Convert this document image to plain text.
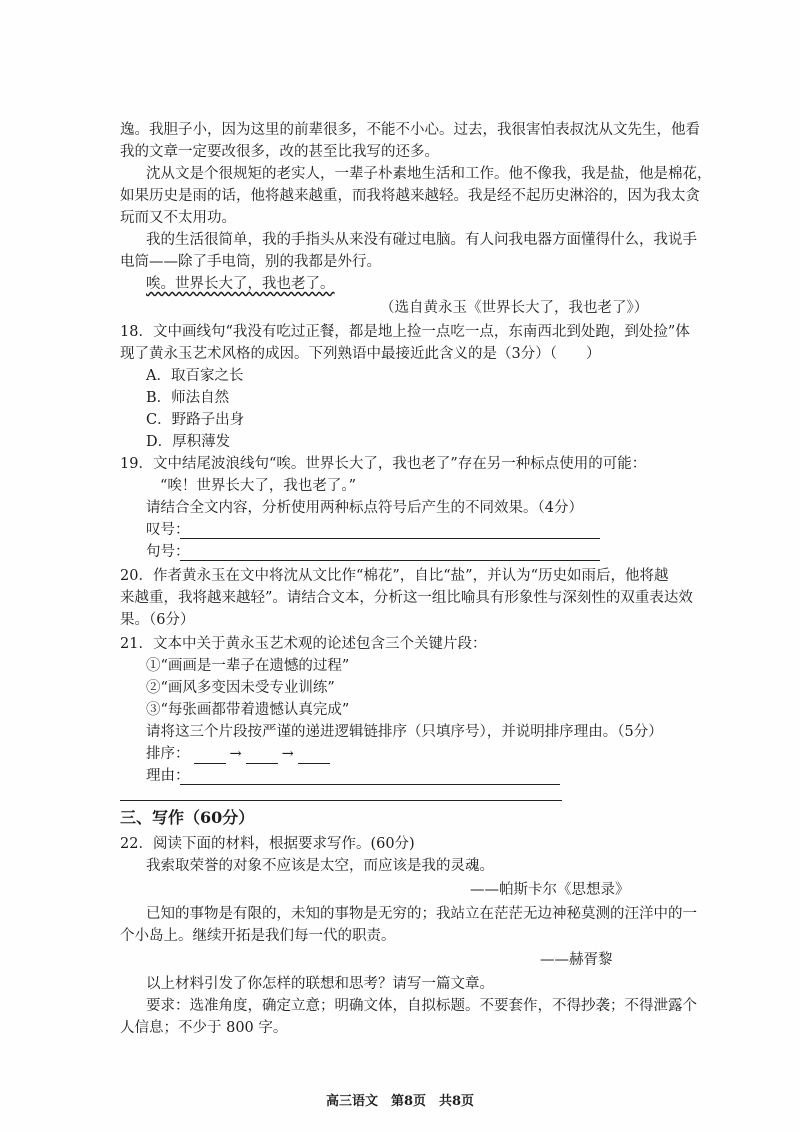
逸。我胆子小，因为这里的前辈很多，不能不小心。过去，我很害怕表叔沈从文先生，他看
我的文章一定要改很多，改的甚至比我写的还多。
沈从文是个很规矩的老实人，一辈子朴素地生活和工作。他不像我，我是盐，他是棉花，
如果历史是雨的话，他将越来越重，而我将越来越轻。我是经不起历史淋浴的，因为我太贪
玩而又不太用功。
我的生活很简单，我的手指头从来没有碰过电脑。有人问我电器方面懂得什么，我说手
电筒——除了手电筒，别的我都是外行。
唉。世界长大了，我也老了。
（选自黄永玉《世界长大了，我也老了》）
18．文中画线句“我没有吃过正餐，都是地上捡一点吃一点，东南西北到处跑，到处捡”体
现了黄永玉艺术风格的成因。下列熟语中最接近此含义的是（3分）（　　）
A．取百家之长
B．师法自然
C．野路子出身
D．厚积薄发
19．文中结尾波浪线句“唉。世界长大了，我也老了”存在另一种标点使用的可能：
“唉！世界长大了，我也老了。”
请结合全文内容，分析使用两种标点符号后产生的不同效果。（4分）
叹号：
句号：
20．作者黄永玉在文中将沈从文比作“棉花”，自比“盐”，并认为“历史如雨后，他将越
来越重，我将越来越轻”。请结合文本，分析这一组比喻具有形象性与深刻性的双重表达效
果。（6分）
21．文本中关于黄永玉艺术观的论述包含三个关键片段：
①“画画是一辈子在遗憾的过程”
②“画风多变因未受专业训练”
③“每张画都带着遗憾认真完成”
请将这三个片段按严谨的递进逻辑链排序（只填序号），并说明排序理由。（5分）
排序：	→	→
理由：
三、写作（60分）
22．阅读下面的材料，根据要求写作。(60分)
我索取荣誉的对象不应该是太空，而应该是我的灵魂。
——帕斯卡尔《思想录》
已知的事物是有限的，未知的事物是无穷的；我站立在茫茫无边神秘莫测的汪洋中的一
个小岛上。继续开拓是我们每一代的职责。
——赫胥黎
以上材料引发了你怎样的联想和思考？请写一篇文章。
要求：选准角度，确定立意；明确文体，自拟标题。不要套作，不得抄袭；不得泄露个
人信息；不少于 800 字。
高三语文　第8页　共8页
